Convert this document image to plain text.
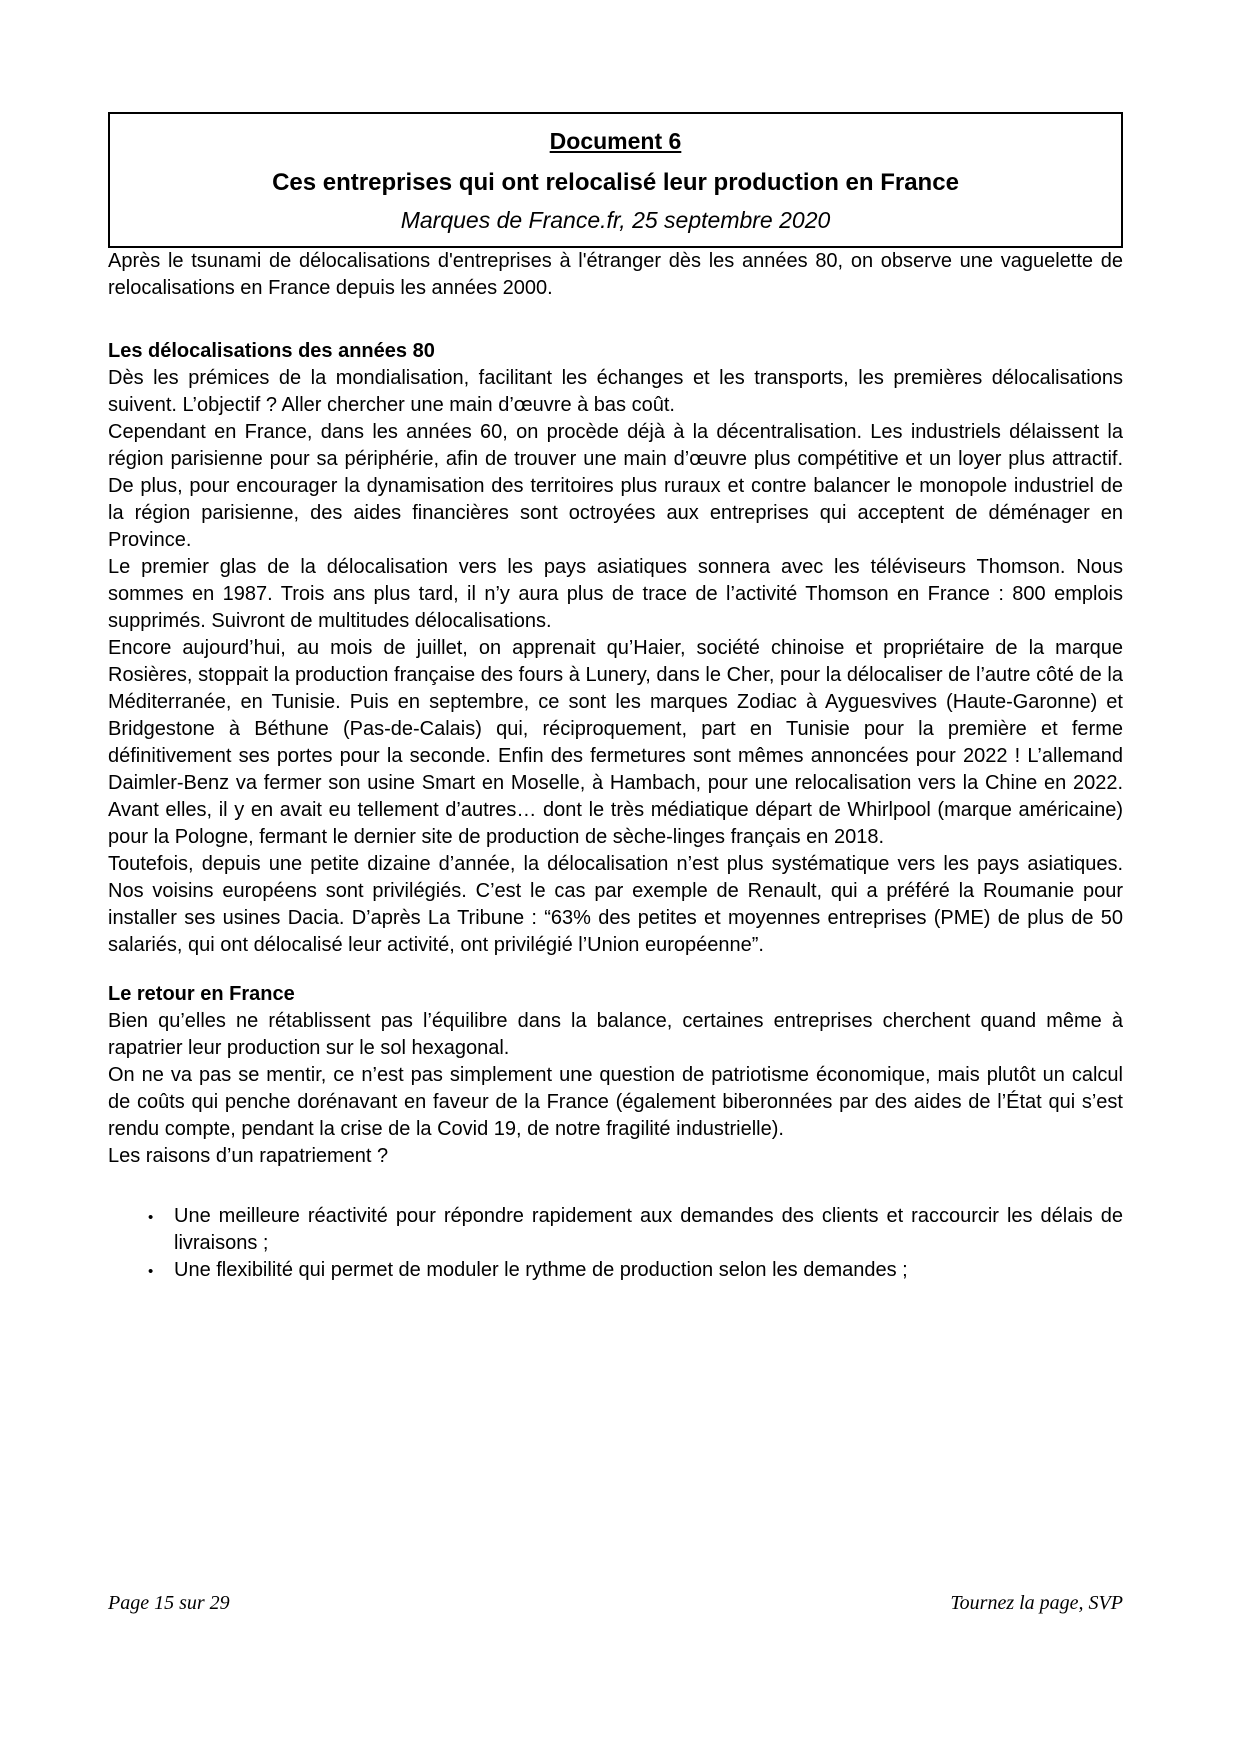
Document 6
Ces entreprises qui ont relocalisé leur production en France
Marques de France.fr, 25 septembre 2020

Après le tsunami de délocalisations d'entreprises à l'étranger dès les années 80, on observe une vaguelette de relocalisations en France depuis les années 2000.

Les délocalisations des années 80

Dès les prémices de la mondialisation, facilitant les échanges et les transports, les premières délocalisations suivent. L’objectif ? Aller chercher une main d’œuvre à bas coût.

Cependant en France, dans les années 60, on procède déjà à la décentralisation. Les industriels délaissent la région parisienne pour sa périphérie, afin de trouver une main d’œuvre plus compétitive et un loyer plus attractif. De plus, pour encourager la dynamisation des territoires plus ruraux et contre balancer le monopole industriel de la région parisienne, des aides financières sont octroyées aux entreprises qui acceptent de déménager en Province.

Le premier glas de la délocalisation vers les pays asiatiques sonnera avec les téléviseurs Thomson. Nous sommes en 1987. Trois ans plus tard, il n’y aura plus de trace de l’activité Thomson en France : 800 emplois supprimés. Suivront de multitudes délocalisations.

Encore aujourd’hui, au mois de juillet, on apprenait qu’Haier, société chinoise et propriétaire de la marque Rosières, stoppait la production française des fours à Lunery, dans le Cher, pour la délocaliser de l’autre côté de la Méditerranée, en Tunisie. Puis en septembre, ce sont les marques Zodiac à Ayguesvives (Haute-Garonne) et Bridgestone à Béthune (Pas-de-Calais) qui, réciproquement, part en Tunisie pour la première et ferme définitivement ses portes pour la seconde. Enfin des fermetures sont mêmes annoncées pour 2022 ! L’allemand Daimler-Benz va fermer son usine Smart en Moselle, à Hambach, pour une relocalisation vers la Chine en 2022. Avant elles, il y en avait eu tellement d’autres… dont le très médiatique départ de Whirlpool (marque américaine) pour la Pologne, fermant le dernier site de production de sèche-linges français en 2018.

Toutefois, depuis une petite dizaine d’année, la délocalisation n’est plus systématique vers les pays asiatiques. Nos voisins européens sont privilégiés. C’est le cas par exemple de Renault, qui a préféré la Roumanie pour installer ses usines Dacia. D’après La Tribune : “63% des petites et moyennes entreprises (PME) de plus de 50 salariés, qui ont délocalisé leur activité, ont privilégié l’Union européenne”.

Le retour en France

Bien qu’elles ne rétablissent pas l’équilibre dans la balance, certaines entreprises cherchent quand même à rapatrier leur production sur le sol hexagonal.

On ne va pas se mentir, ce n’est pas simplement une question de patriotisme économique, mais plutôt un calcul de coûts qui penche dorénavant en faveur de la France (également biberonnées par des aides de l’État qui s’est rendu compte, pendant la crise de la Covid 19, de notre fragilité industrielle).

Les raisons d’un rapatriement ?

• Une meilleure réactivité pour répondre rapidement aux demandes des clients et raccourcir les délais de livraisons ;
• Une flexibilité qui permet de moduler le rythme de production selon les demandes ;
Page 15 sur 29	Tournez la page, SVP
